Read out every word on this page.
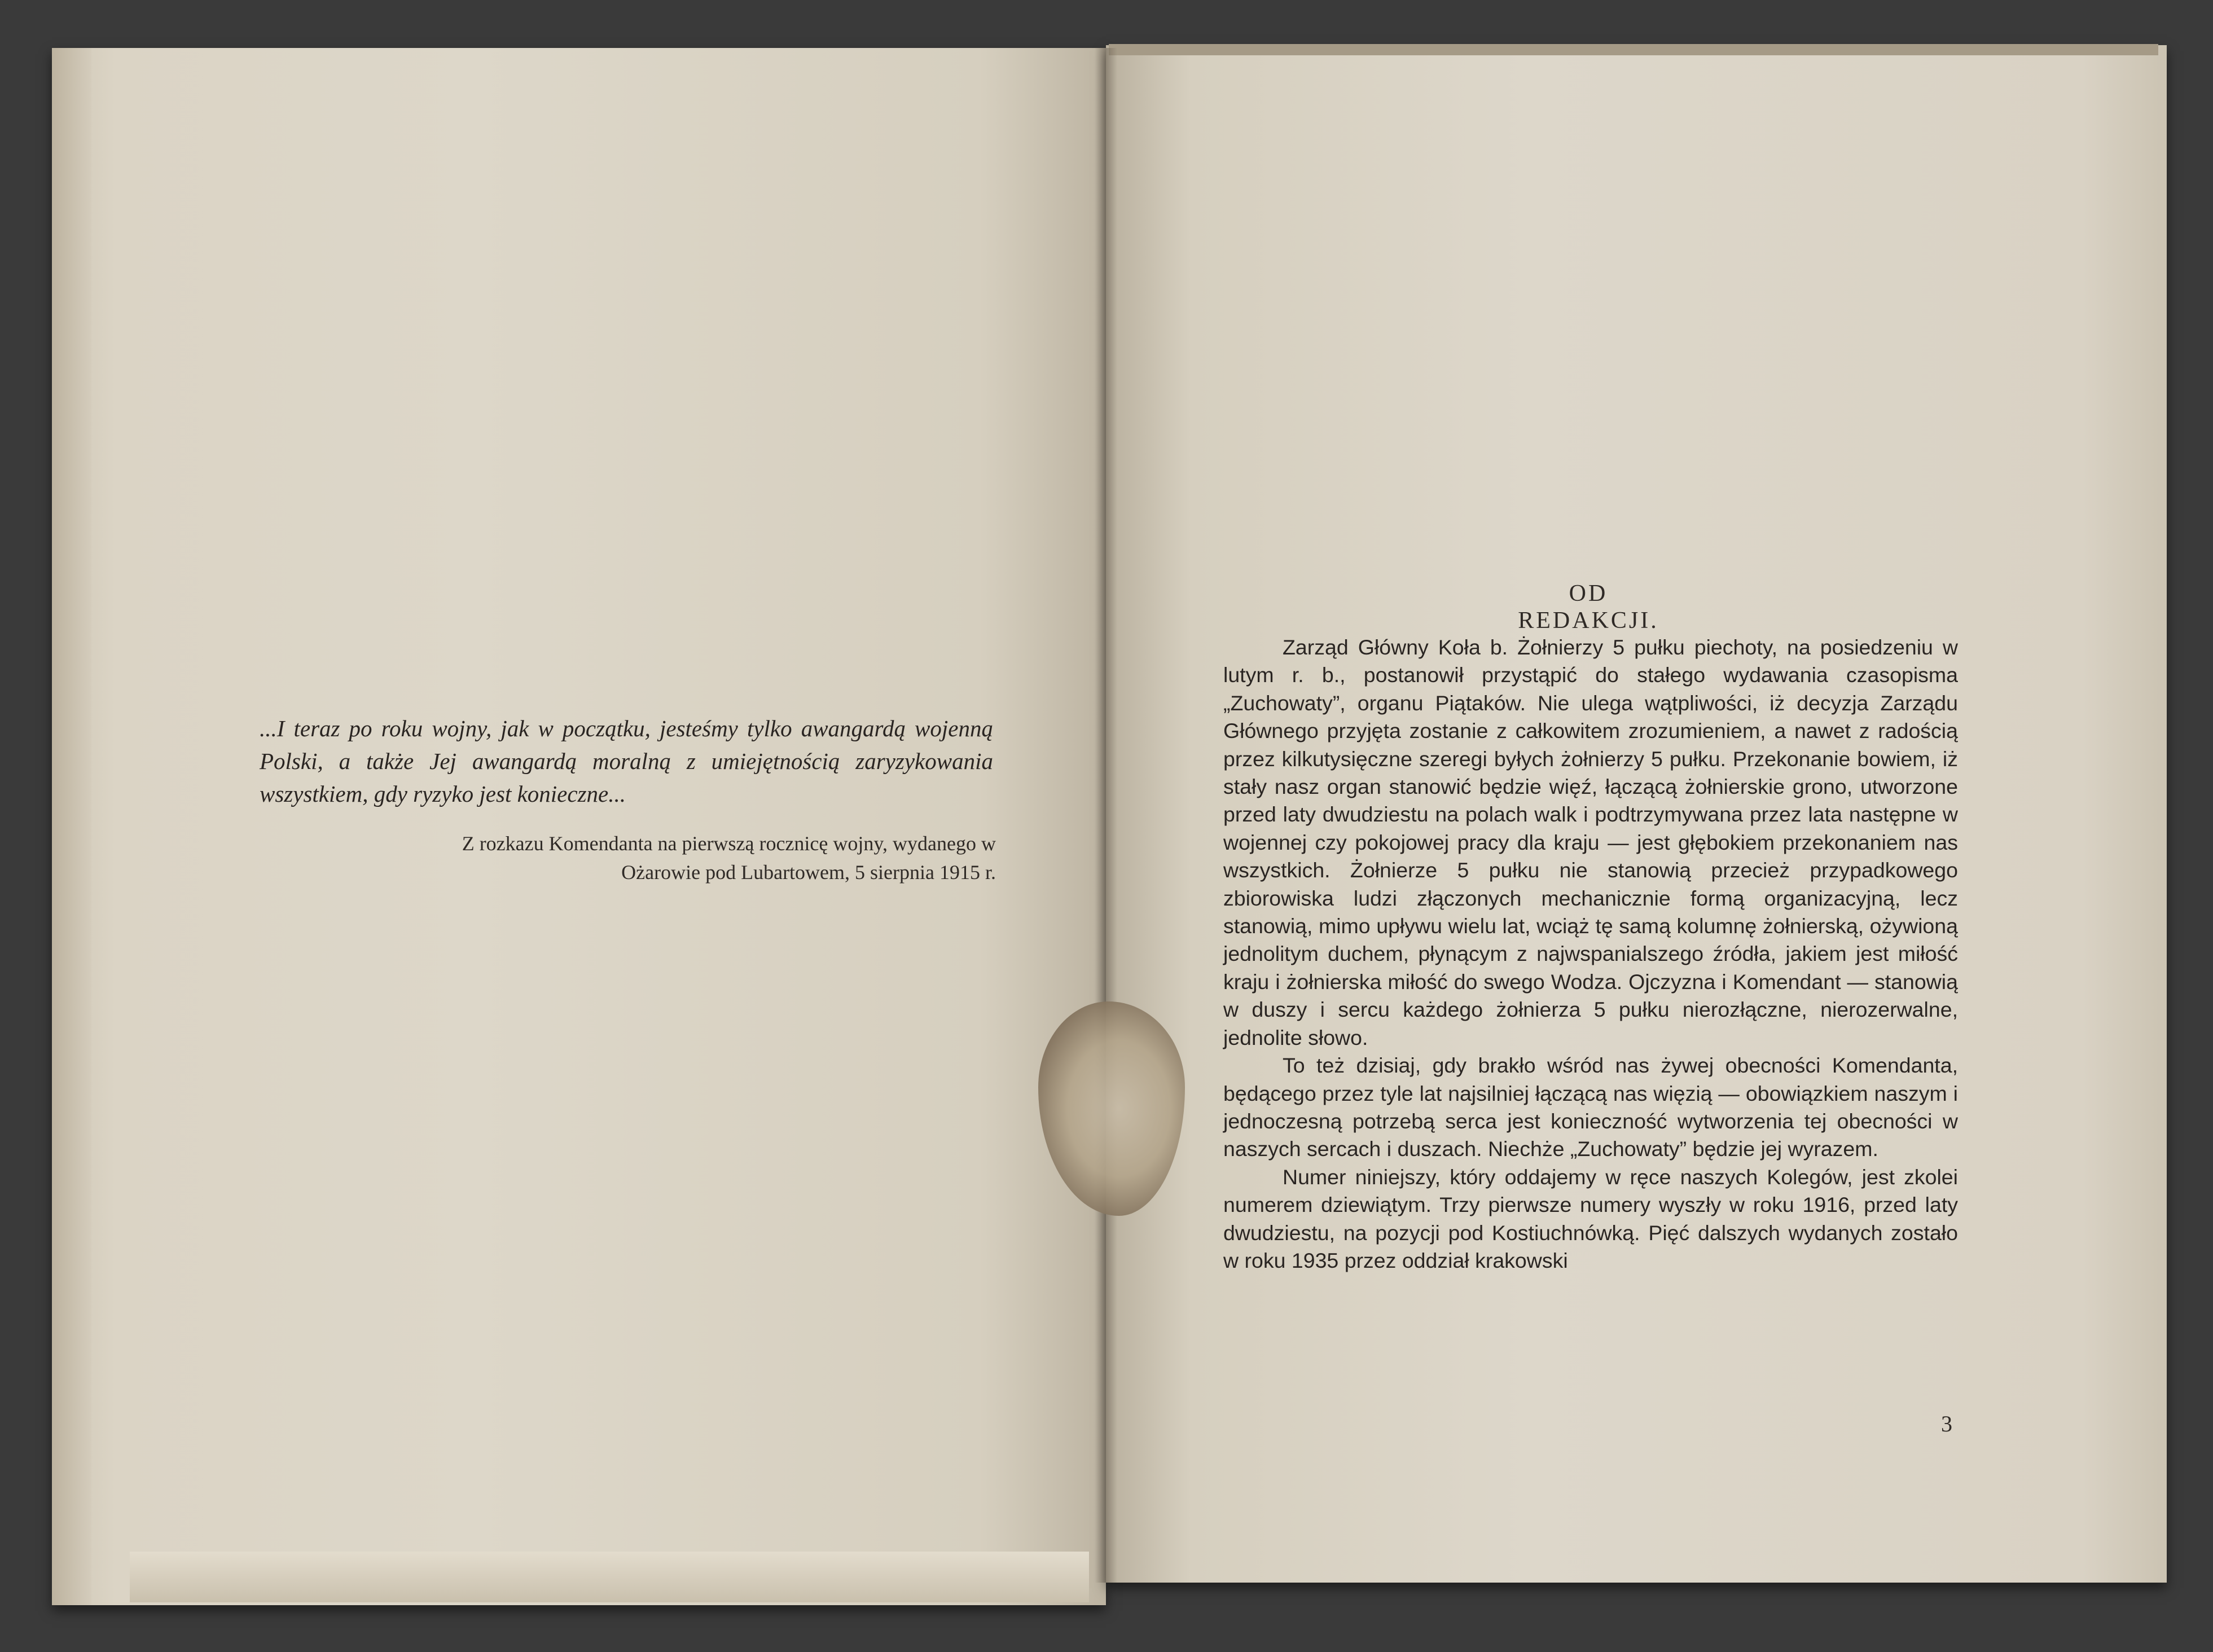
...I teraz po roku wojny, jak w początku, jesteśmy tylko awangardą wojenną Polski, a także Jej awangardą moralną z umiejętnością zaryzykowania wszystkiem, gdy ryzyko jest konieczne...
Z rozkazu Komendanta na pierwszą rocznicę wojny, wydanego w Ożarowie pod Lubartowem, 5 sierpnia 1915 r.
OD REDAKCJI.

Zarząd Główny Koła b. Żołnierzy 5 pułku piechoty, na posiedzeniu w lutym r. b., postanowił przystąpić do stałego wydawania czasopisma „Zuchowaty”, organu Piątaków. Nie ulega wątpliwości, iż decyzja Zarządu Głównego przyjęta zostanie z całkowitem zrozumieniem, a nawet z radością przez kilkutysięczne szeregi byłych żołnierzy 5 pułku. Przekonanie bowiem, iż stały nasz organ stanowić będzie więź, łączącą żołnierskie grono, utworzone przed laty dwudziestu na polach walk i podtrzymywana przez lata następne w wojennej czy pokojowej pracy dla kraju — jest głębokiem przekonaniem nas wszystkich. Żołnierze 5 pułku nie stanowią przecież przypadkowego zbiorowiska ludzi złączonych mechanicznie formą organizacyjną, lecz stanowią, mimo upływu wielu lat, wciąż tę samą kolumnę żołnierską, ożywioną jednolitym duchem, płynącym z najwspanialszego źródła, jakiem jest miłość kraju i żołnierska miłość do swego Wodza. Ojczyzna i Komendant — stanowią w duszy i sercu każdego żołnierza 5 pułku nierozłączne, nierozerwalne, jednolite słowo.

To też dzisiaj, gdy brakło wśród nas żywej obecności Komendanta, będącego przez tyle lat najsilniej łączącą nas więzią — obowiązkiem naszym i jednoczesną potrzebą serca jest konieczność wytworzenia tej obecności w naszych sercach i duszach. Niechże „Zuchowaty” będzie jej wyrazem.

Numer niniejszy, który oddajemy w ręce naszych Kolegów, jest zkolei numerem dziewiątym. Trzy pierwsze numery wyszły w roku 1916, przed laty dwudziestu, na pozycji pod Kostiuchnówką. Pięć dalszych wydanych zostało w roku 1935 przez oddział krakowski

3
